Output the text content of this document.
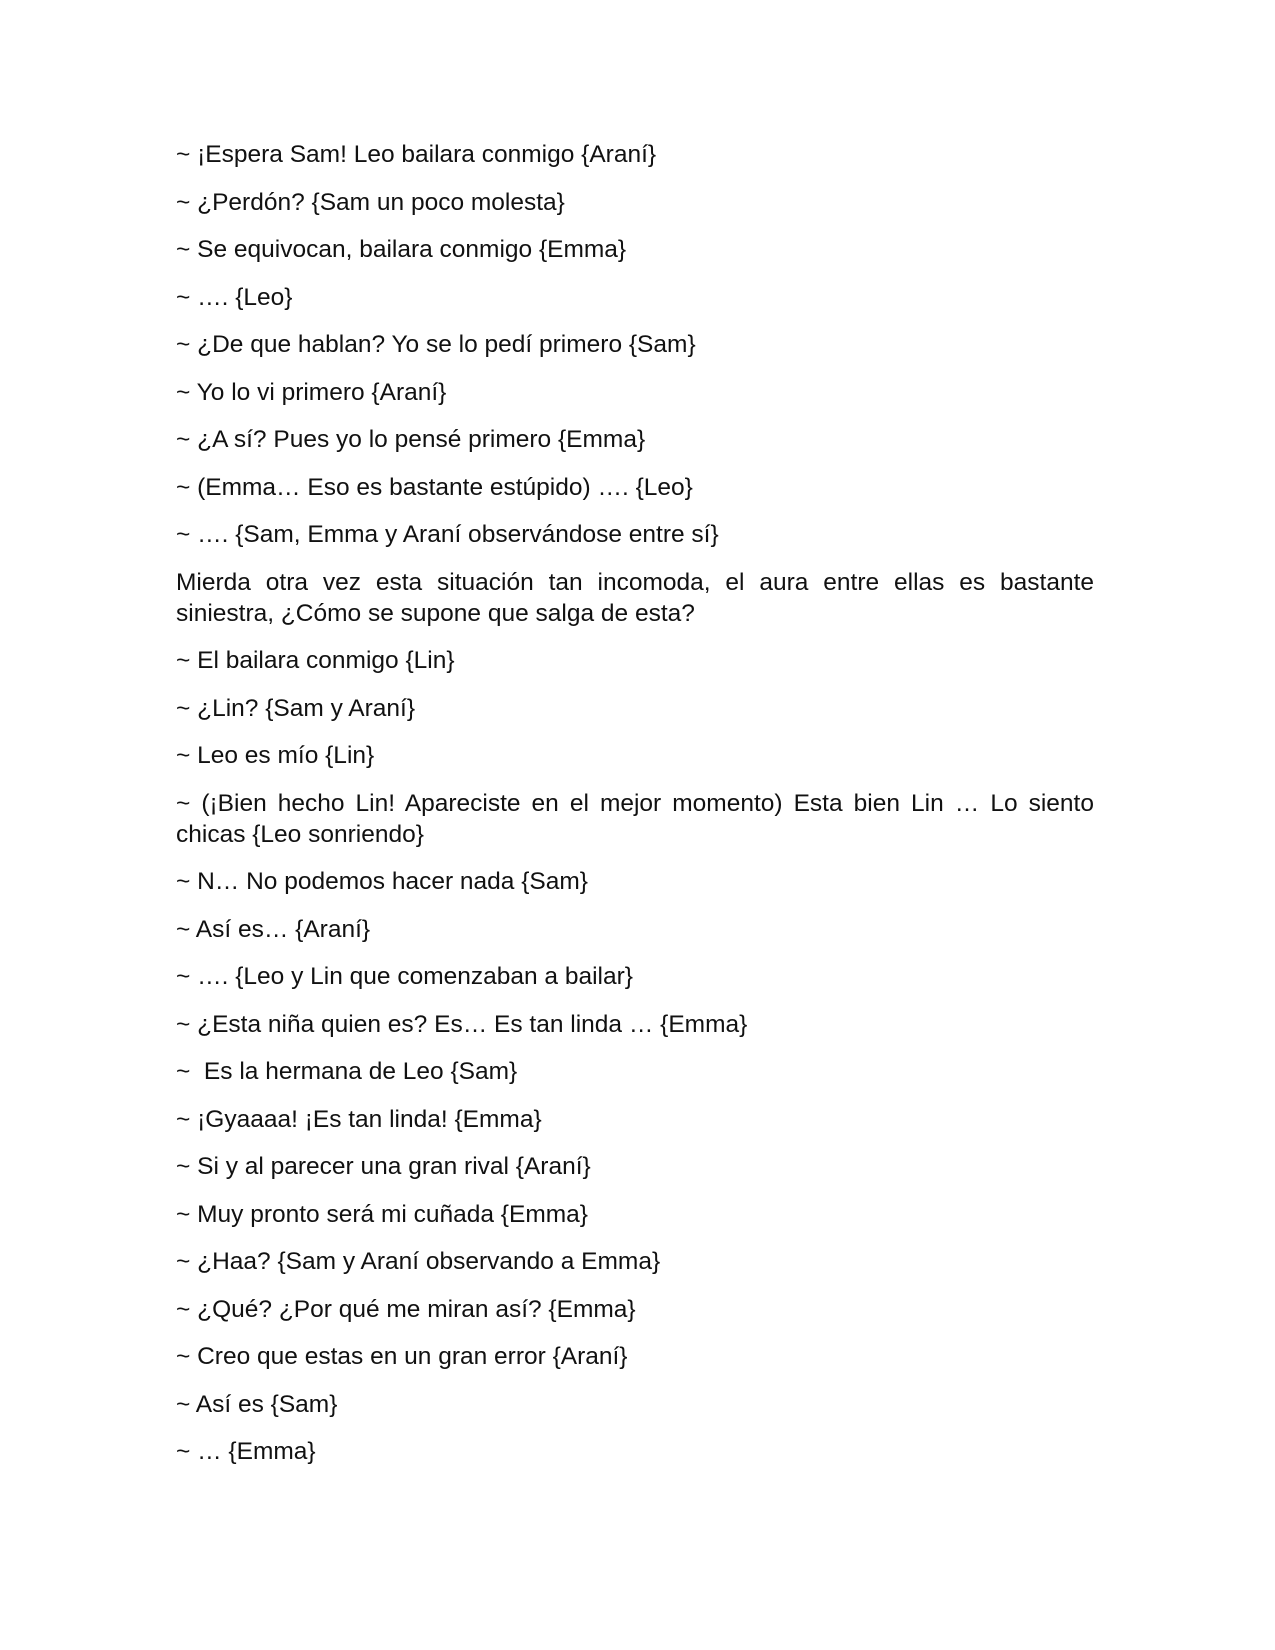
~ ¡Espera Sam! Leo bailara conmigo {Araní}

~ ¿Perdón? {Sam un poco molesta}

~ Se equivocan, bailara conmigo {Emma}

~ …. {Leo}

~ ¿De que hablan? Yo se lo pedí primero {Sam}

~ Yo lo vi primero {Araní}

~ ¿A sí? Pues yo lo pensé primero {Emma}

~ (Emma… Eso es bastante estúpido) …. {Leo}

~ …. {Sam, Emma y Araní observándose entre sí}

Mierda otra vez esta situación tan incomoda, el aura entre ellas es bastante siniestra, ¿Cómo se supone que salga de esta?

~ El bailara conmigo {Lin}

~ ¿Lin? {Sam y Araní}

~ Leo es mío {Lin}

~ (¡Bien hecho Lin! Apareciste en el mejor momento) Esta bien Lin … Lo siento chicas {Leo sonriendo}

~ N… No podemos hacer nada {Sam}

~ Así es… {Araní}

~ …. {Leo y Lin que comenzaban a bailar}

~ ¿Esta niña quien es? Es… Es tan linda … {Emma}

~  Es la hermana de Leo {Sam}

~ ¡Gyaaaa! ¡Es tan linda! {Emma}

~ Si y al parecer una gran rival {Araní}

~ Muy pronto será mi cuñada {Emma}

~ ¿Haa? {Sam y Araní observando a Emma}

~ ¿Qué? ¿Por qué me miran así? {Emma}

~ Creo que estas en un gran error {Araní}

~ Así es {Sam}

~ … {Emma}
